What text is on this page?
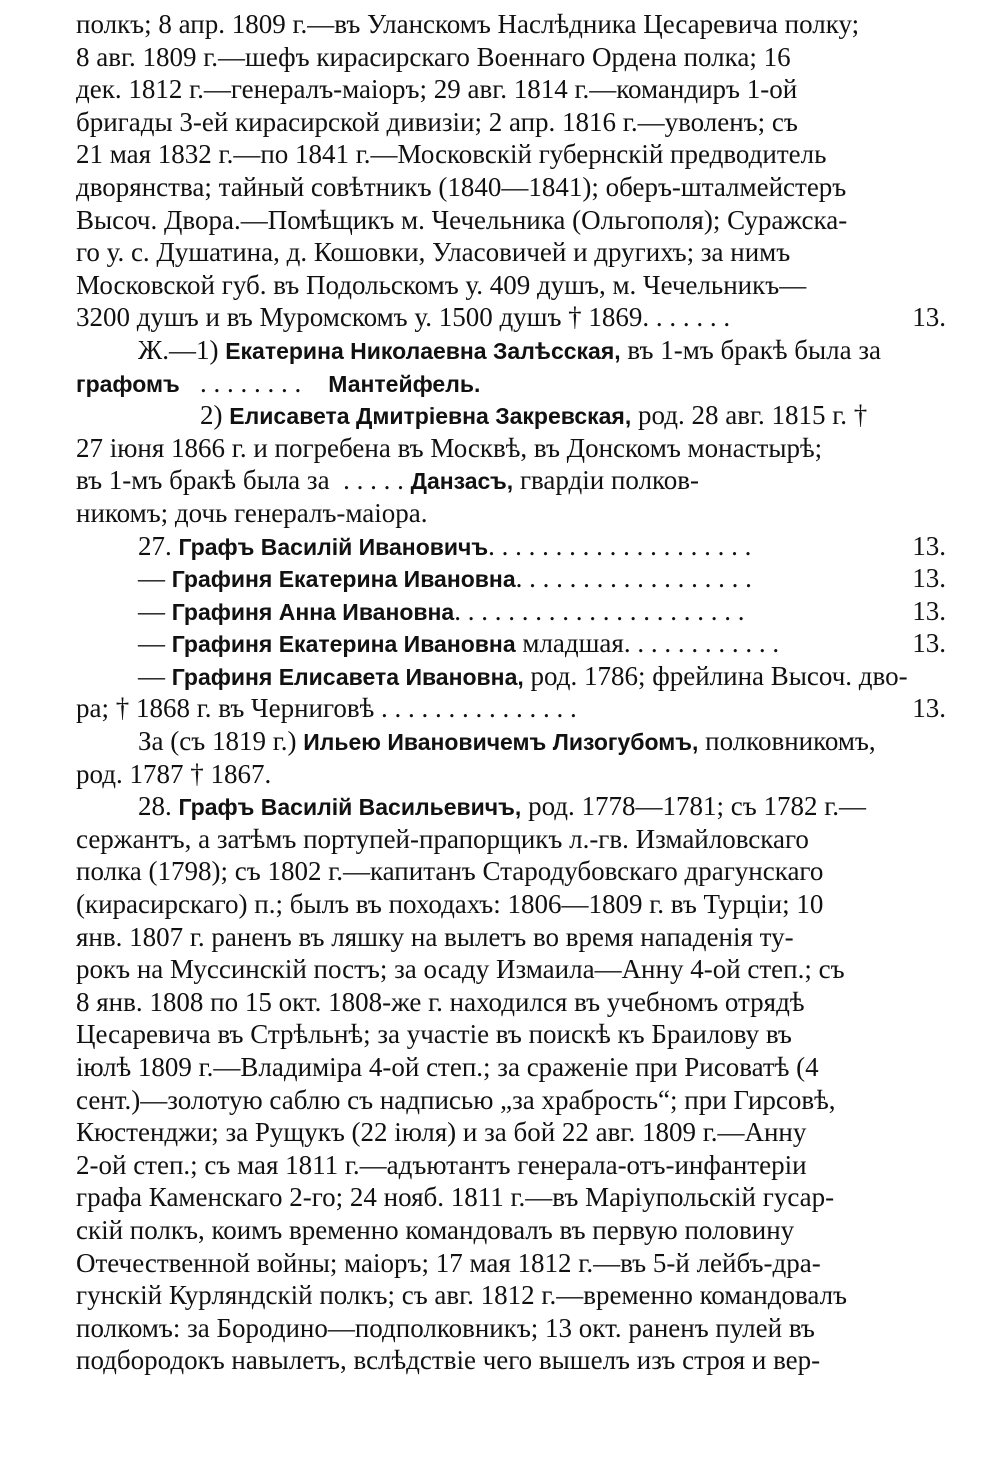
полкъ; 8 апр. 1809 г.—въ Уланскомъ Наслѣдника Цесаревича полку;
8 авг. 1809 г.—шефъ кирасирскаго Военнаго Ордена полка; 16
дек. 1812 г.—генералъ-маіоръ; 29 авг. 1814 г.—командиръ 1-ой
бригады 3-ей кирасирской дивизіи; 2 апр. 1816 г.—уволенъ; съ
21 мая 1832 г.—по 1841 г.—Московскій губернскій предводитель
дворянства; тайный совѣтникъ (1840—1841); оберъ-шталмейстеръ
Высоч. Двора.—Помѣщикъ м. Чечельника (Ольгополя); Суражска-
го у. с. Душатина, д. Кошовки, Уласовичей и другихъ; за нимъ
Московской губ. въ Подольскомъ у. 409 душъ, м. Чечельникъ—
3200 душъ и въ Муромскомъ у. 1500 душъ † 1869. . . . . . .	13.
Ж.—1) Екатерина Николаевна Залѣсская, въ 1-мъ бракѣ была за
графомъ . . . . . . . . Мантейфель.
2) Елисавета Дмитріевна Закревская, род. 28 авг. 1815 г. †
27 іюня 1866 г. и погребена въ Москвѣ, въ Донскомъ монастырѣ;
въ 1-мъ бракѣ была за . . . . . Данзасъ, гвардіи полков-
никомъ; дочь генералъ-маіора.
27. Графъ Василій Ивановичъ. . . . . . . . . . . . . . . . . . . .	13.
— Графиня Екатерина Ивановна. . . . . . . . . . . . . . . . . .	13.
— Графиня Анна Ивановна. . . . . . . . . . . . . . . . . . . . . .	13.
— Графиня Екатерина Ивановна младшая. . . . . . . . . . . .	13.
— Графиня Елисавета Ивановна, род. 1786; фрейлина Высоч. дво-
ра; † 1868 г. въ Черниговѣ . . . . . . . . . . . . . . .	13.
За (съ 1819 г.) Ильею Ивановичемъ Лизогубомъ, полковникомъ,
род. 1787 † 1867.
28. Графъ Василій Васильевичъ, род. 1778—1781; съ 1782 г.—
сержантъ, а затѣмъ портупей-прапорщикъ л.-гв. Измайловскаго
полка (1798); съ 1802 г.—капитанъ Стародубовскаго драгунскаго
(кирасирскаго) п.; былъ въ походахъ: 1806—1809 г. въ Турціи; 10
янв. 1807 г. раненъ въ ляшку на вылетъ во время нападенія ту-
рокъ на Муссинскій постъ; за осаду Измаила—Анну 4-ой степ.; съ
8 янв. 1808 по 15 окт. 1808-же г. находился въ учебномъ отрядѣ
Цесаревича въ Стрѣльнѣ; за участіе въ поискѣ къ Браилову въ
іюлѣ 1809 г.—Владиміра 4-ой степ.; за сраженіе при Рисоватѣ (4
сент.)—золотую саблю съ надписью „за храбрость“; при Гирсовѣ,
Кюстенджи; за Рущукъ (22 іюля) и за бой 22 авг. 1809 г.—Анну
2-ой степ.; съ мая 1811 г.—адъютантъ генерала-отъ-инфантеріи
графа Каменскаго 2-го; 24 нояб. 1811 г.—въ Маріупольскій гусар-
скій полкъ, коимъ временно командовалъ въ первую половину
Отечественной войны; маіоръ; 17 мая 1812 г.—въ 5-й лейбъ-дра-
гунскій Курляндскій полкъ; съ авг. 1812 г.—временно командовалъ
полкомъ: за Бородино—подполковникъ; 13 окт. раненъ пулей въ
подбородокъ навылетъ, вслѣдствіе чего вышелъ изъ строя и вер-
